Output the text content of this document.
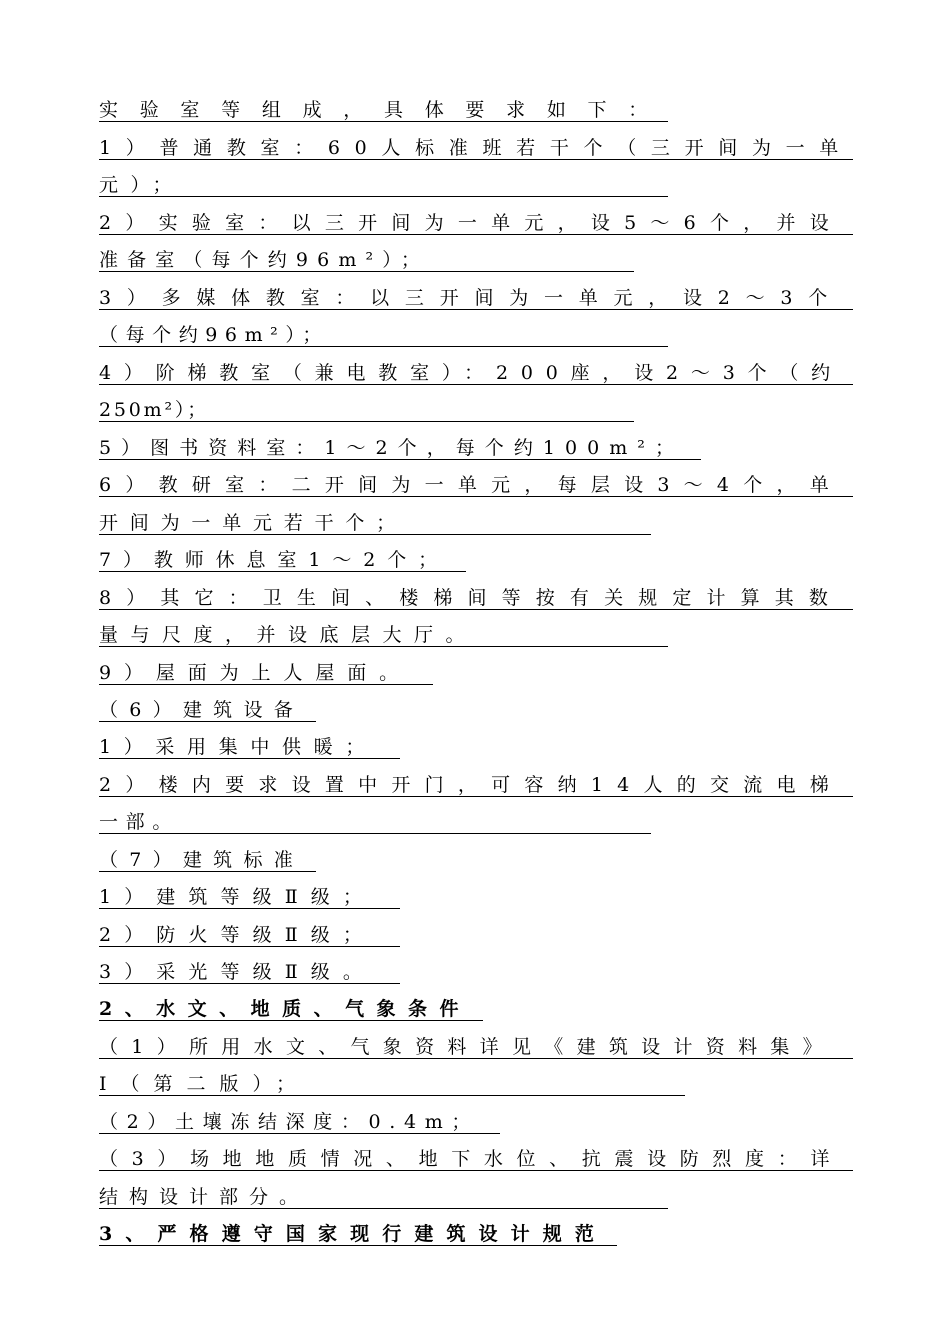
实验室等组成，具体要求如下：
1）普通教室：60人标准班若干个（三开间为一单
元）；
2）实验室：以三开间为一单元，设5～6个，并设
准备室（每个约96m²）；
3）多媒体教室：以三开间为一单元，设2～3个
（每个约96m²）；
4）阶梯教室（兼电教室）：200座，设2～3个（约
250m²）；
5）图书资料室：1～2个，每个约100m²；
6）教研室：二开间为一单元，每层设3～4个，单
开间为一单元若干个；
7）教师休息室1～2个；
8）其它：卫生间、楼梯间等按有关规定计算其数
量与尺度，并设底层大厅。
9）屋面为上人屋面。
（6）建筑设备
1）采用集中供暖；
2）楼内要求设置中开门，可容纳14人的交流电梯
一部。
（7）建筑标准
1）建筑等级Ⅱ级；
2）防火等级Ⅱ级；
3）采光等级Ⅱ级。
2、水文、地质、气象条件
（1）所用水文、气象资料详见《建筑设计资料集》
Ⅰ（第二版）；
（2）土壤冻结深度：0.4m；
（3）场地地质情况、地下水位、抗震设防烈度：详
结构设计部分。
3、严格遵守国家现行建筑设计规范
